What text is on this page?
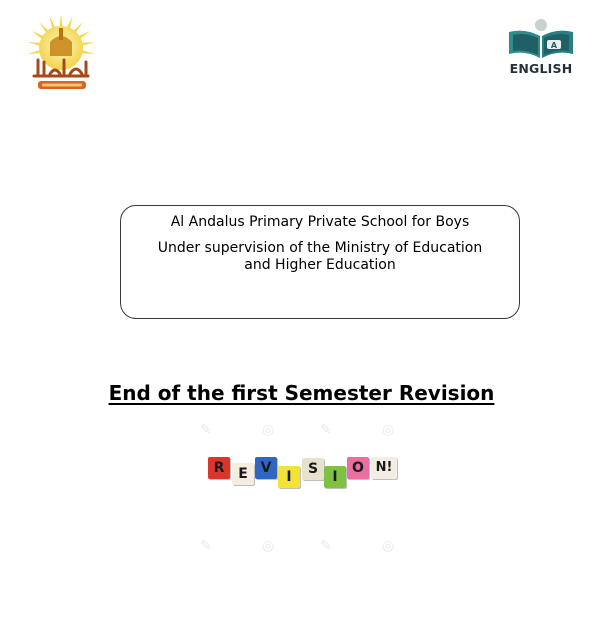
A
ENGLISH
Al Andalus Primary Private School for Boys
Under supervision of the Ministry of Education
and Higher Education
End of the first Semester Revision
✎	◎	✎	◎
✎	◎	✎	◎
R E V
I	S	I
O N!
